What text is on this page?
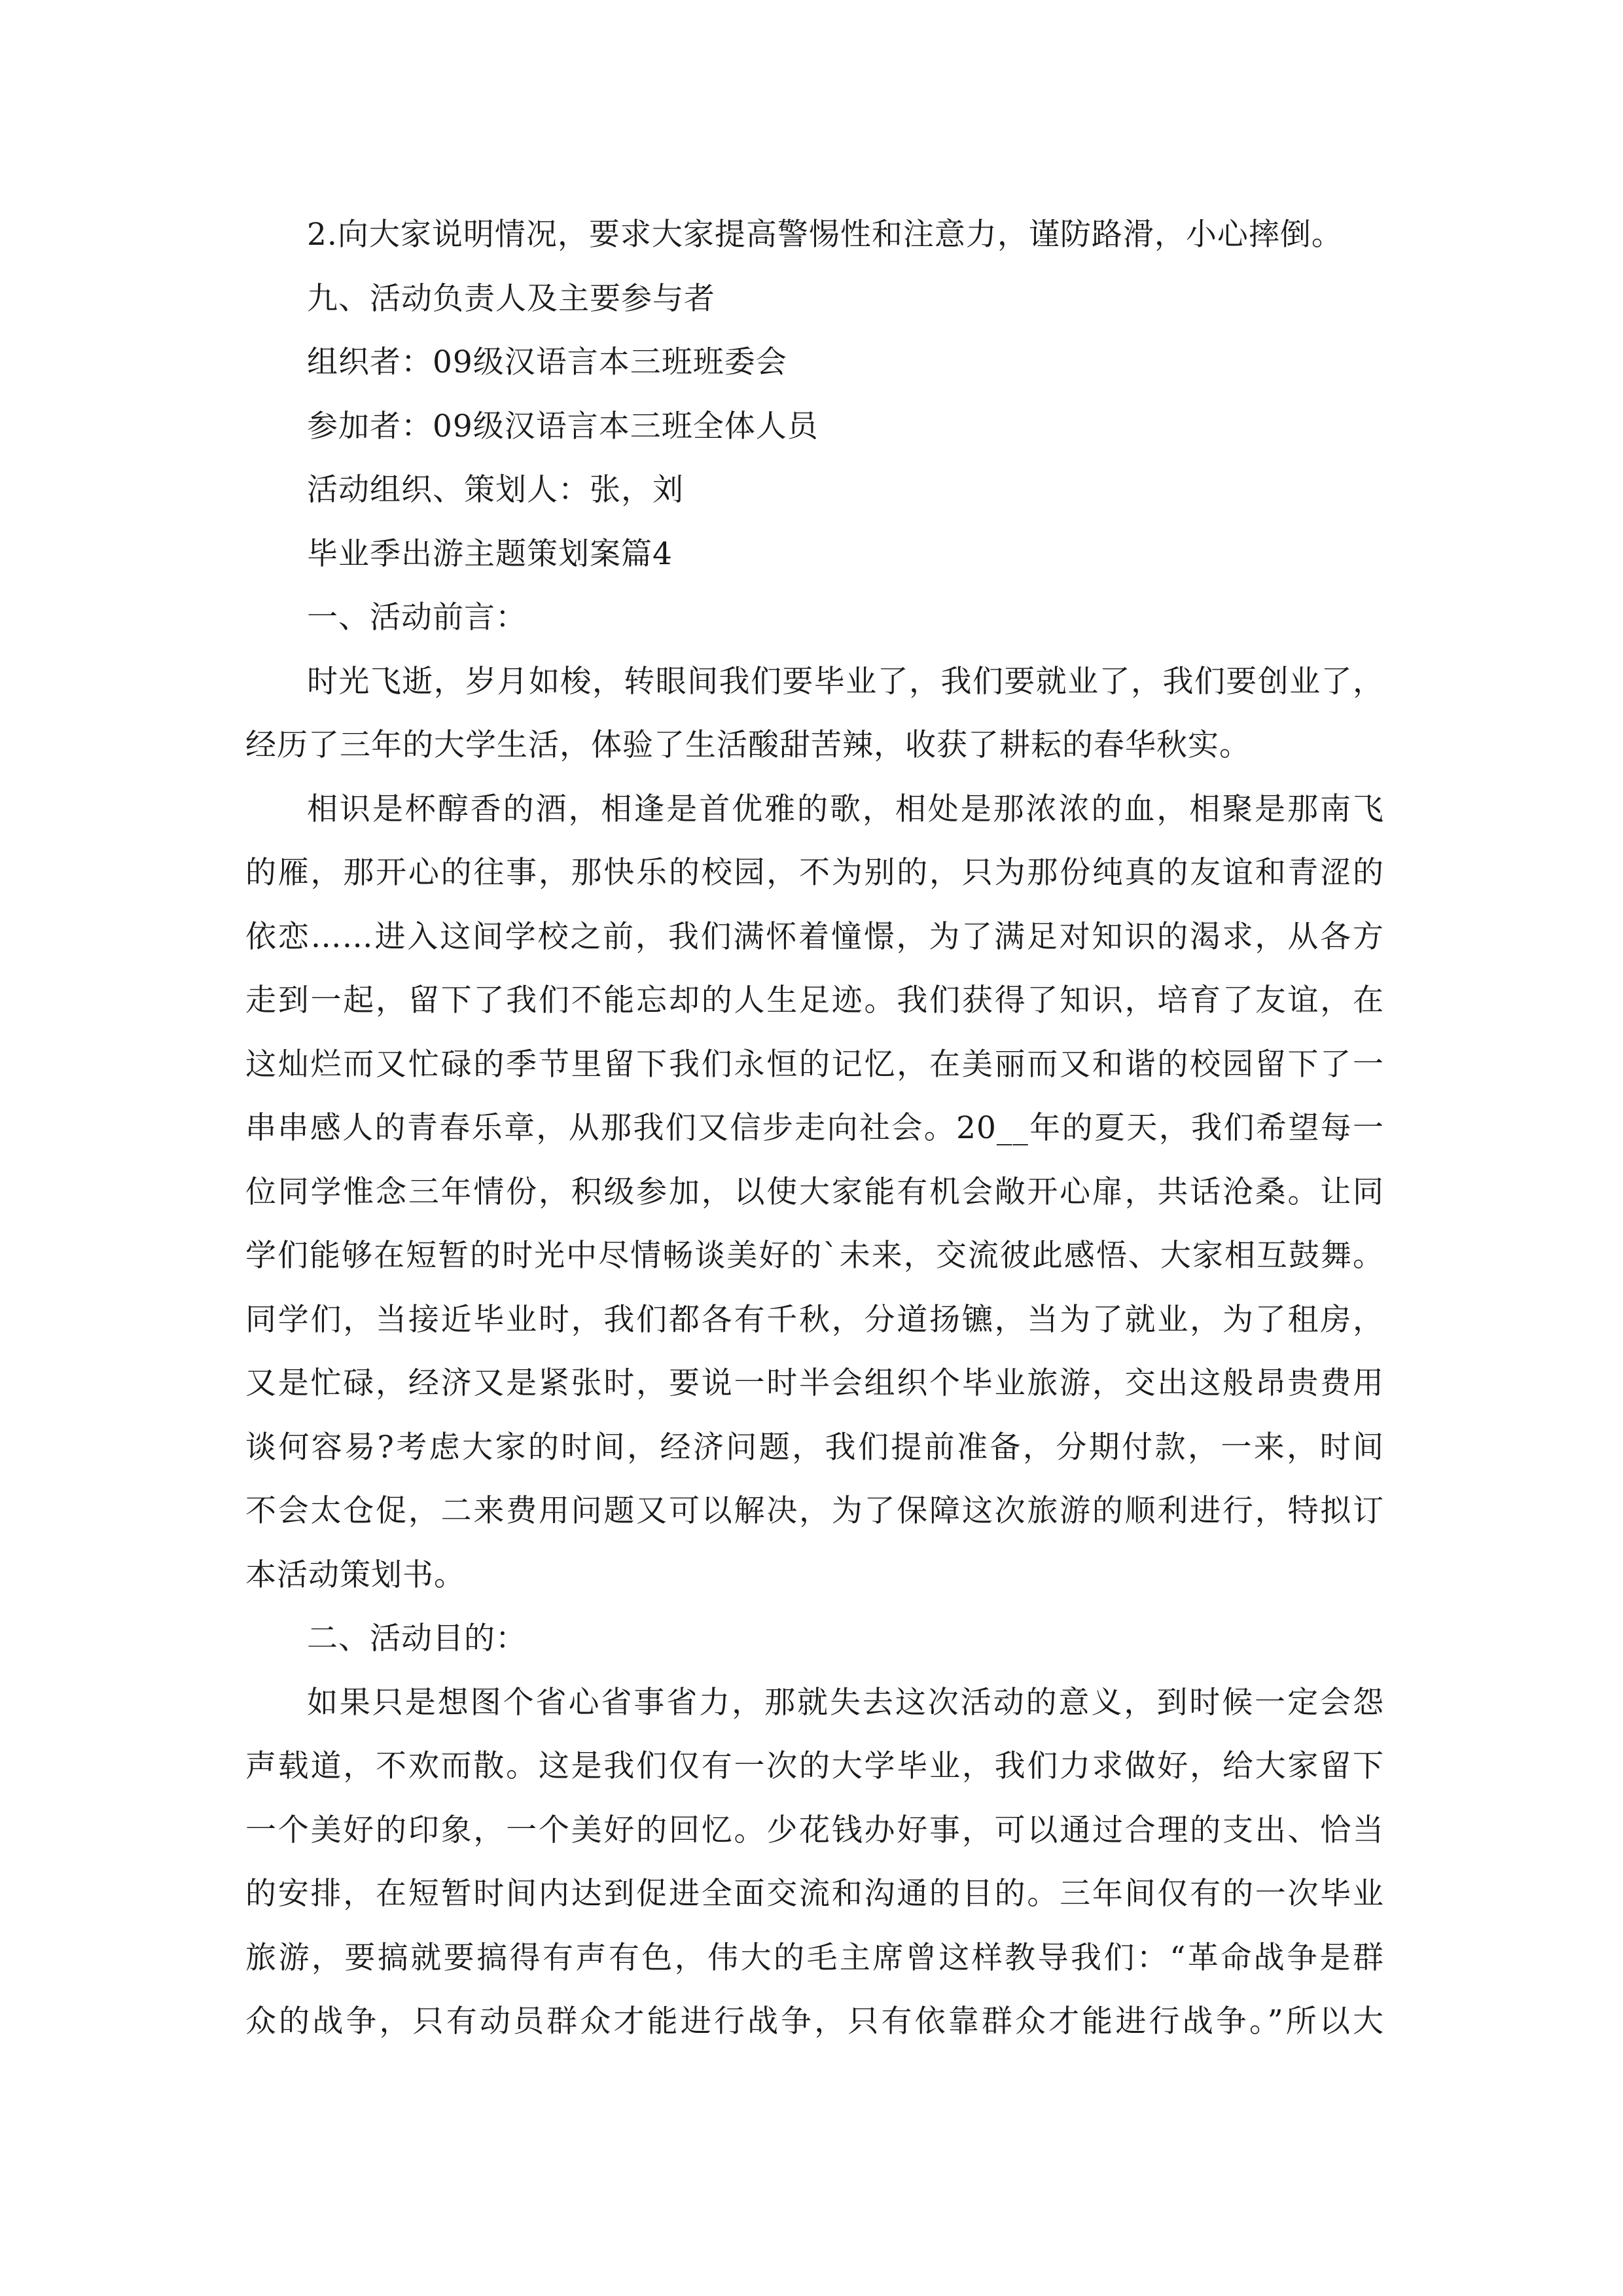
2.向大家说明情况，要求大家提高警惕性和注意力，谨防路滑，小心摔倒。

九、活动负责人及主要参与者

组织者：09级汉语言本三班班委会

参加者：09级汉语言本三班全体人员

活动组织、策划人：张，刘

毕业季出游主题策划案篇4

一、活动前言：

时光飞逝，岁月如梭，转眼间我们要毕业了，我们要就业了，我们要创业了，

经历了三年的大学生活，体验了生活酸甜苦辣，收获了耕耘的春华秋实。

相识是杯醇香的酒，相逢是首优雅的歌，相处是那浓浓的血，相聚是那南飞

的雁，那开心的往事，那快乐的校园，不为别的，只为那份纯真的友谊和青涩的

依恋……进入这间学校之前，我们满怀着憧憬，为了满足对知识的渴求，从各方

走到一起，留下了我们不能忘却的人生足迹。我们获得了知识，培育了友谊，在

这灿烂而又忙碌的季节里留下我们永恒的记忆，在美丽而又和谐的校园留下了一

串串感人的青春乐章，从那我们又信步走向社会。20__年的夏天，我们希望每一

位同学惟念三年情份，积级参加，以使大家能有机会敞开心扉，共话沧桑。让同

学们能够在短暂的时光中尽情畅谈美好的`未来，交流彼此感悟、大家相互鼓舞。

同学们，当接近毕业时，我们都各有千秋，分道扬镳，当为了就业，为了租房，

又是忙碌，经济又是紧张时，要说一时半会组织个毕业旅游，交出这般昂贵费用

谈何容易?考虑大家的时间，经济问题，我们提前准备，分期付款，一来，时间

不会太仓促，二来费用问题又可以解决，为了保障这次旅游的顺利进行，特拟订

本活动策划书。

二、活动目的：

如果只是想图个省心省事省力，那就失去这次活动的意义，到时候一定会怨

声载道，不欢而散。这是我们仅有一次的大学毕业，我们力求做好，给大家留下

一个美好的印象，一个美好的回忆。少花钱办好事，可以通过合理的支出、恰当

的安排，在短暂时间内达到促进全面交流和沟通的目的。三年间仅有的一次毕业

旅游，要搞就要搞得有声有色，伟大的毛主席曾这样教导我们：“革命战争是群

众的战争，只有动员群众才能进行战争，只有依靠群众才能进行战争。”所以大
